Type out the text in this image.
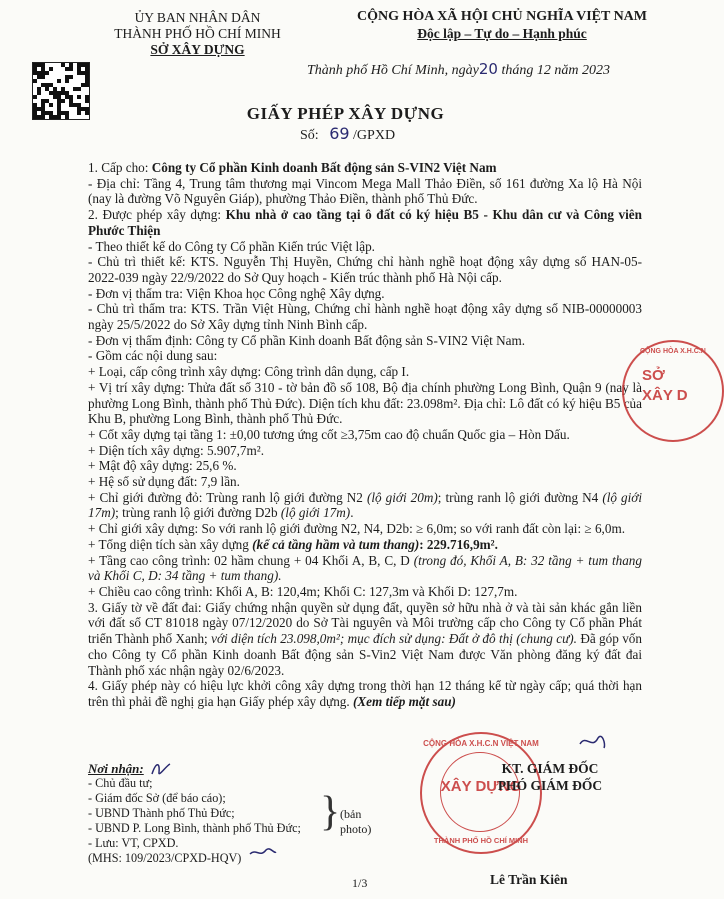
ỦY BAN NHÂN DÂN
THÀNH PHỐ HỒ CHÍ MINH
SỞ XÂY DỰNG
CỘNG HÒA XÃ HỘI CHỦ NGHĨA VIỆT NAM
Độc lập – Tự do – Hạnh phúc
Thành phố Hồ Chí Minh, ngày20 tháng 12 năm 2023
GIẤY PHÉP XÂY DỰNG
Số: 69 /GPXD

1. Cấp cho: Công ty Cổ phần Kinh doanh Bất động sản S-VIN2 Việt Nam

- Địa chỉ: Tầng 4, Trung tâm thương mại Vincom Mega Mall Thảo Điền, số 161 đường Xa lộ Hà Nội (nay là đường Võ Nguyên Giáp), phường Thảo Điền, thành phố Thủ Đức.

2. Được phép xây dựng: Khu nhà ở cao tầng tại ô đất có ký hiệu B5 - Khu dân cư và Công viên Phước Thiện

- Theo thiết kế do Công ty Cổ phần Kiến trúc Việt lập.

- Chủ trì thiết kế: KTS. Nguyễn Thị Huyền, Chứng chỉ hành nghề hoạt động xây dựng số HAN-05-2022-039 ngày 22/9/2022 do Sở Quy hoạch - Kiến trúc thành phố Hà Nội cấp.

- Đơn vị thẩm tra: Viện Khoa học Công nghệ Xây dựng.

- Chủ trì thẩm tra: KTS. Trần Việt Hùng, Chứng chỉ hành nghề hoạt động xây dựng số NIB-00000003 ngày 25/5/2022 do Sở Xây dựng tỉnh Ninh Bình cấp.

- Đơn vị thẩm định: Công ty Cổ phần Kinh doanh Bất động sản S-VIN2 Việt Nam.

- Gồm các nội dung sau:

+ Loại, cấp công trình xây dựng: Công trình dân dụng, cấp I.

+ Vị trí xây dựng: Thửa đất số 310 - tờ bản đồ số 108, Bộ địa chính phường Long Bình, Quận 9 (nay là phường Long Bình, thành phố Thủ Đức). Diện tích khu đất: 23.098m². Địa chỉ: Lô đất có ký hiệu B5 của Khu B, phường Long Bình, thành phố Thủ Đức.

+ Cốt xây dựng tại tầng 1: ±0,00 tương ứng cốt ≥3,75m cao độ chuẩn Quốc gia – Hòn Dấu.

+ Diện tích xây dựng: 5.907,7m².

+ Mật độ xây dựng: 25,6 %.

+ Hệ số sử dụng đất: 7,9 lần.

+ Chỉ giới đường đỏ: Trùng ranh lộ giới đường N2 (lộ giới 20m); trùng ranh lộ giới đường N4 (lộ giới 17m); trùng ranh lộ giới đường D2b (lộ giới 17m).

+ Chỉ giới xây dựng: So với ranh lộ giới đường N2, N4, D2b: ≥ 6,0m; so với ranh đất còn lại: ≥ 6,0m.

+ Tổng diện tích sàn xây dựng (kể cả tầng hầm và tum thang): 229.716,9m².

+ Tầng cao công trình: 02 hầm chung + 04 Khối A, B, C, D (trong đó, Khối A, B: 32 tầng + tum thang và Khối C, D: 34 tầng + tum thang).

+ Chiều cao công trình: Khối A, B: 120,4m; Khối C: 127,3m và Khối D: 127,7m.

3. Giấy tờ về đất đai: Giấy chứng nhận quyền sử dụng đất, quyền sở hữu nhà ở và tài sản khác gắn liền với đất số CT 81018 ngày 07/12/2020 do Sở Tài nguyên và Môi trường cấp cho Công ty Cổ phần Phát triển Thành phố Xanh; với diện tích 23.098,0m²; mục đích sử dụng: Đất ở đô thị (chung cư). Đã góp vốn cho Công ty Cổ phần Kinh doanh Bất động sản S-Vin2 Việt Nam được Văn phòng đăng ký đất đai Thành phố xác nhận ngày 02/6/2023.

4. Giấy phép này có hiệu lực khởi công xây dựng trong thời hạn 12 tháng kể từ ngày cấp; quá thời hạn trên thì phải đề nghị gia hạn Giấy phép xây dựng. (Xem tiếp mặt sau)

Nơi nhận:
- Chủ đầu tư;
- Giám đốc Sở (để báo cáo);
- UBND Thành phố Thủ Đức;
- UBND P. Long Bình, thành phố Thủ Đức;
- Lưu: VT, CPXD.
(MHS: 109/2023/CPXD-HQV)
} (bản photo)
CỘNG HÒA X.H.C.N
SỞ
XÂY D
CỘNG HÒA X.H.C.N VIỆT NAM
XÂY DỰNG
THÀNH PHỐ HỒ CHÍ MINH
KT. GIÁM ĐỐC
PHÓ GIÁM ĐỐC
1/3	Lê Trần Kiên
